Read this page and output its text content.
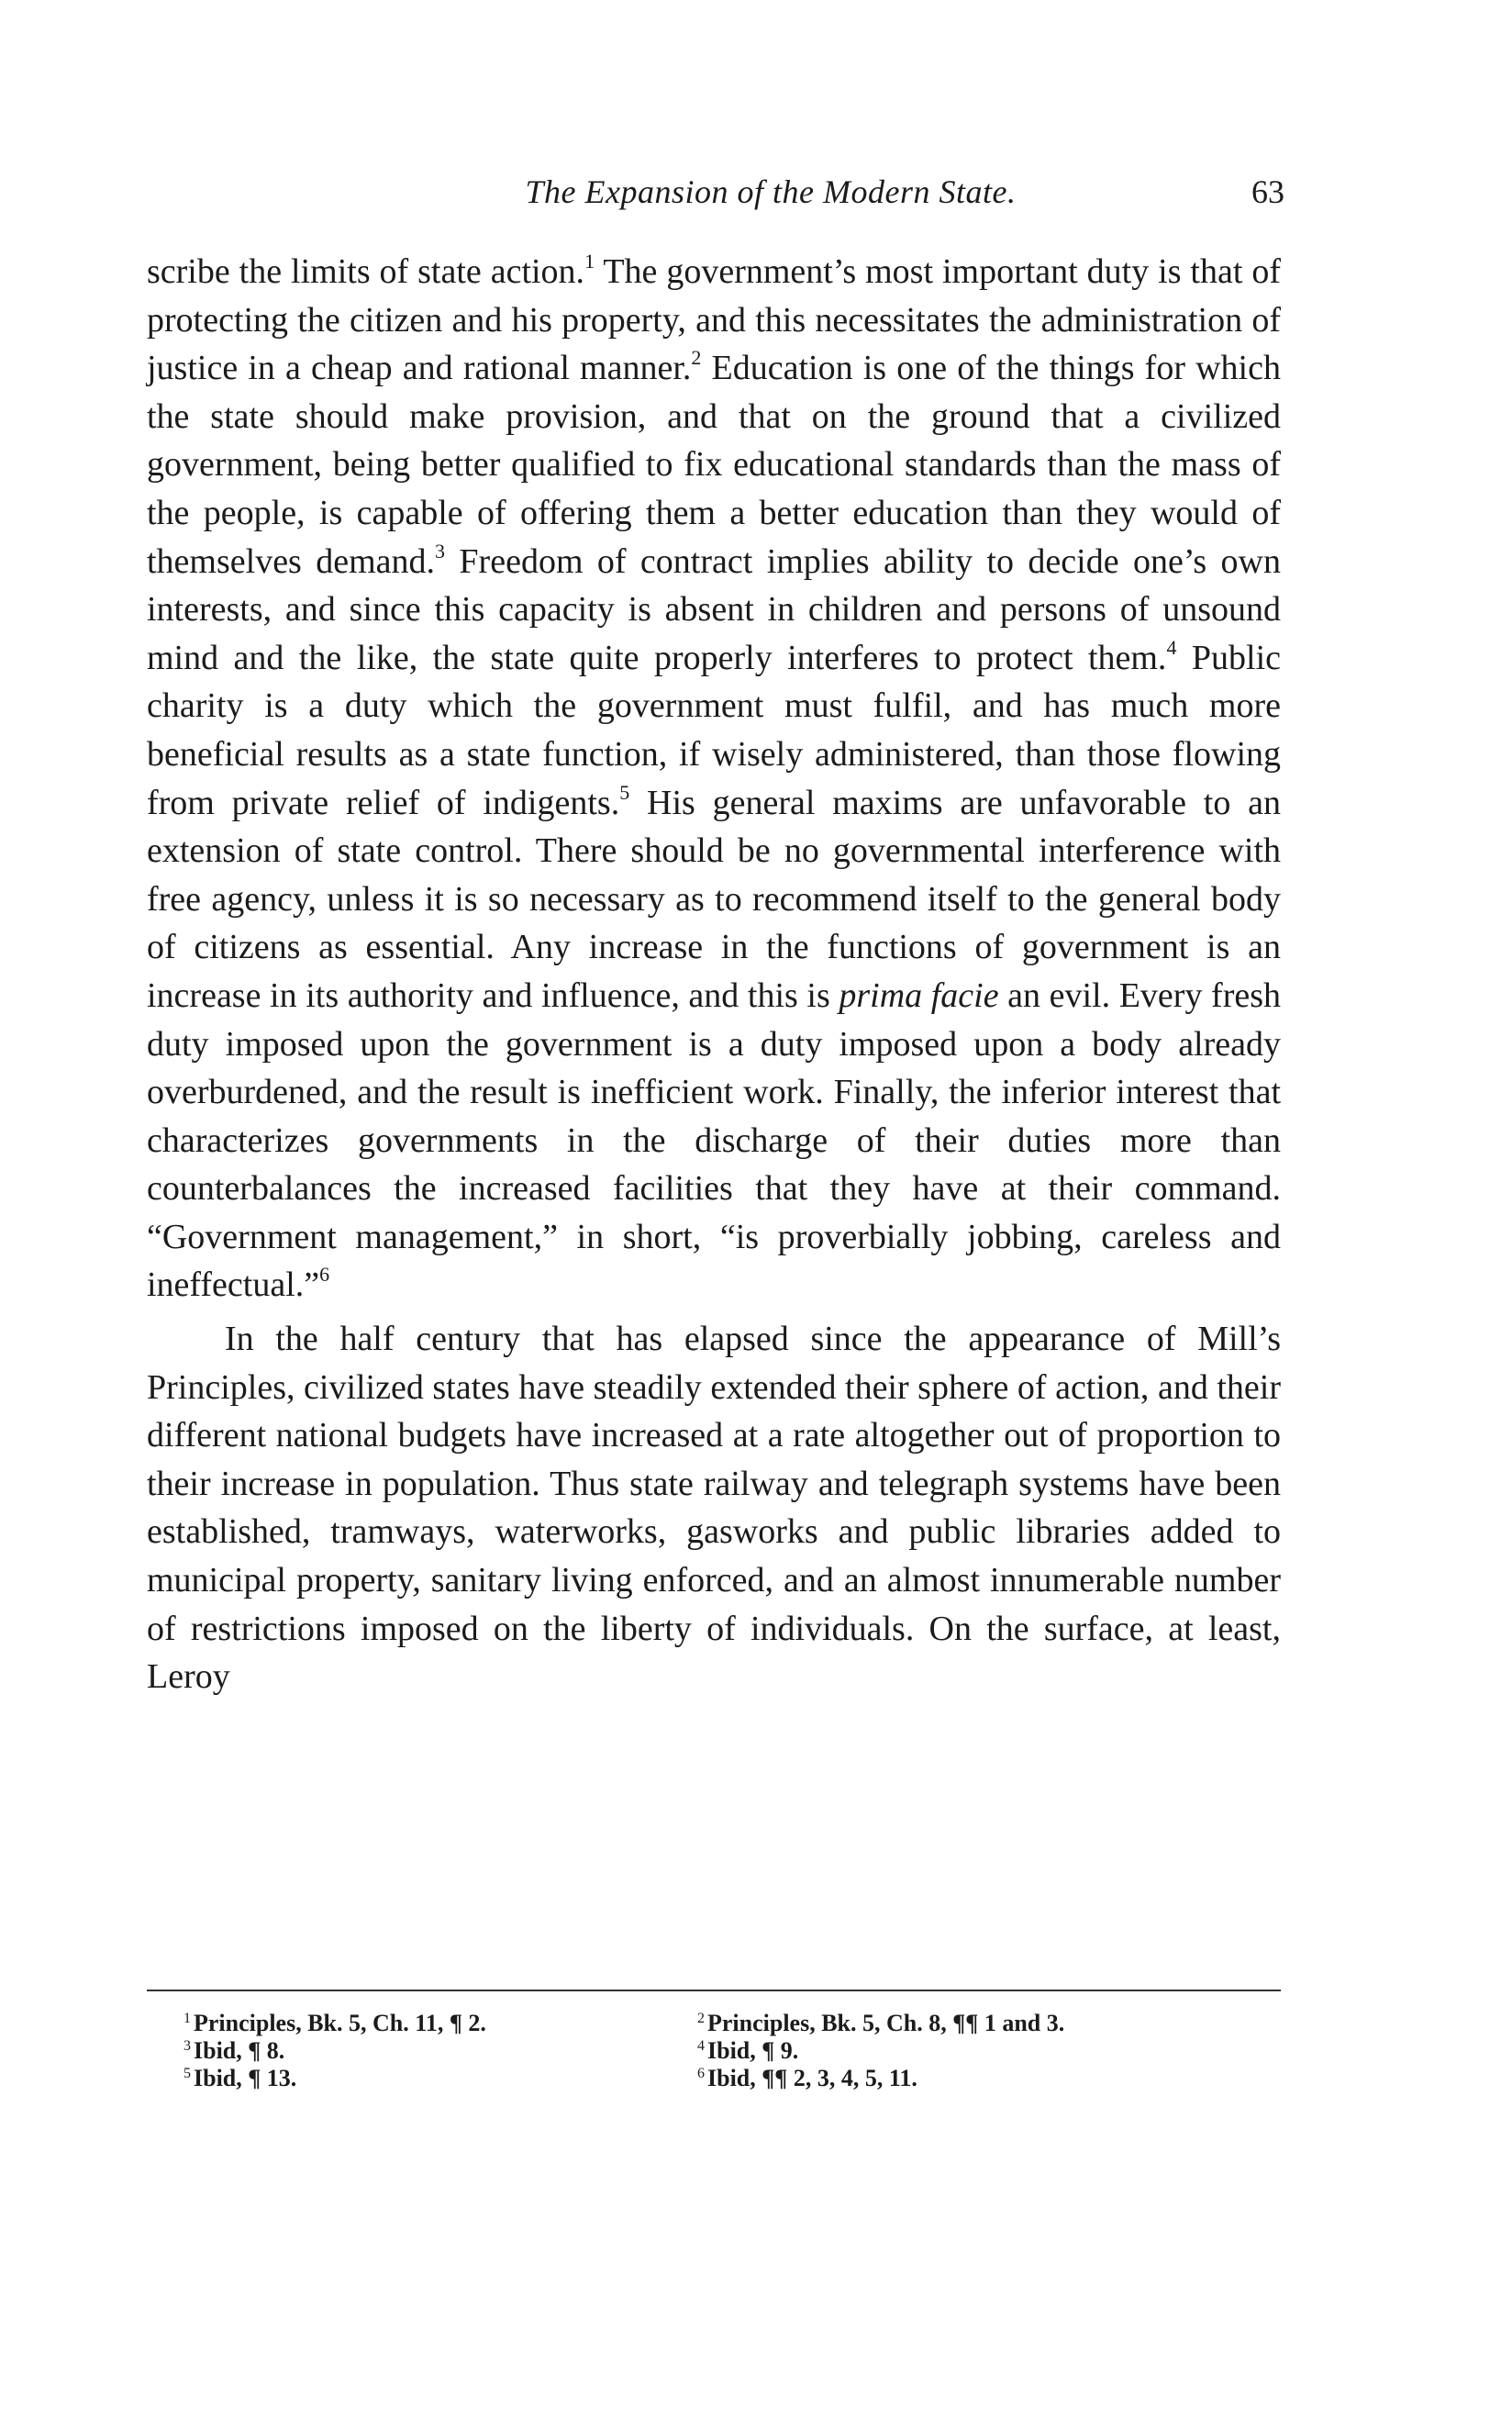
The Expansion of the Modern State.	63

scribe the limits of state action.$^1$ The government’s most important duty is that of protecting the citizen and his property, and this necessitates the administration of justice in a cheap and rational manner.$^2$ Education is one of the things for which the state should make provision, and that on the ground that a civilized government, being better qualified to fix educational standards than the mass of the people, is capable of offering them a better education than they would of themselves demand.$^3$ Freedom of contract implies ability to decide one’s own interests, and since this capacity is absent in children and persons of unsound mind and the like, the state quite properly interferes to protect them.$^4$ Public charity is a duty which the government must fulfil, and has much more beneficial results as a state function, if wisely administered, than those flowing from private relief of indigents.$^5$ His general maxims are unfavorable to an extension of state control. There should be no governmental interference with free agency, unless it is so necessary as to recommend itself to the general body of citizens as essential. Any increase in the functions of government is an increase in its authority and influence, and this is prima facie an evil. Every fresh duty imposed upon the government is a duty imposed upon a body already overburdened, and the result is inefficient work. Finally, the inferior interest that characterizes governments in the discharge of their duties more than counterbalances the increased facilities that they have at their command. “Government management,” in short, “is proverbially jobbing, careless and ineffectual.”$^6$

In the half century that has elapsed since the appearance of Mill’s Principles, civilized states have steadily extended their sphere of action, and their different national budgets have increased at a rate altogether out of proportion to their increase in population. Thus state railway and telegraph systems have been established, tramways, waterworks, gasworks and public libraries added to municipal property, sanitary living enforced, and an almost innumerable number of restrictions imposed on the liberty of individuals. On the surface, at least, Leroy

$^1$ Principles, Bk. 5, Ch. 11, ¶ 2.	$^2$ Principles, Bk. 5, Ch. 8, ¶¶ 1 and 3.
$^3$ Ibid, ¶ 8.	$^4$ Ibid, ¶ 9.
$^5$ Ibid, ¶ 13.	$^6$ Ibid, ¶¶ 2, 3, 4, 5, 11.
